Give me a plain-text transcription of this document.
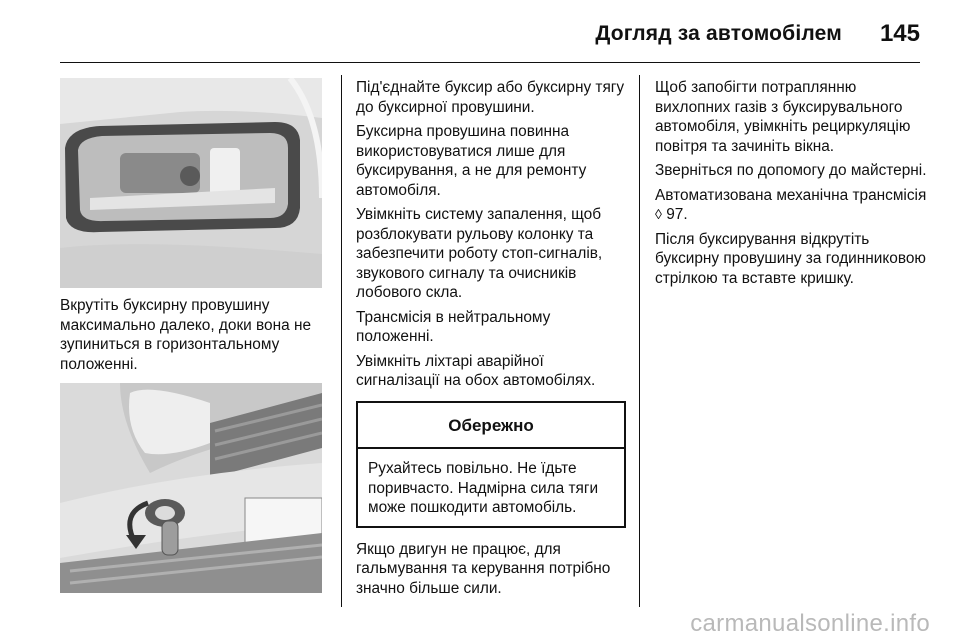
Догляд за автомобілем 145
Вкрутіть буксирну провушину максимально далеко, доки вона не зупиниться в горизонтальному положенні.

Під'єднайте буксир або буксирну тягу до буксирної провушини.

Буксирна провушина повинна використовуватися лише для буксирування, а не для ремонту автомобіля.

Увімкніть систему запалення, щоб розблокувати рульову колонку та забезпечити роботу стоп-сигналів, звукового сигналу та очисників лобового скла.

Трансмісія в нейтральному положенні.

Увімкніть ліхтарі аварійної сигналізації на обох автомобілях.

Обережно
Рухайтесь повільно. Не їдьте поривчасто. Надмірна сила тяги може пошкодити автомобіль.

Якщо двигун не працює, для гальмування та керування потрібно значно більше сили.

Щоб запобігти потраплянню вихлопних газів з буксирувального автомобіля, увімкніть рециркуляцію повітря та зачиніть вікна.

Зверніться по допомогу до майстерні.

Автоматизована механічна трансмісія ◊ 97.

Після буксирування відкрутіть буксирну провушину за годинниковою стрілкою та вставте кришку.

carmanualsonline.info
